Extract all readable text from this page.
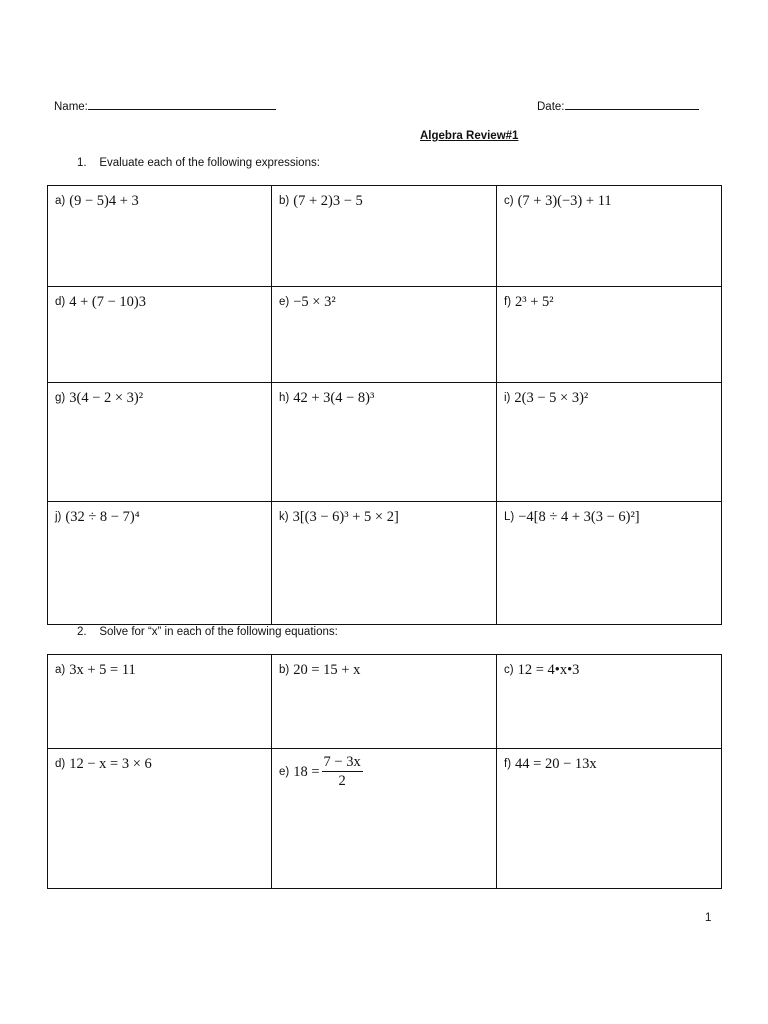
Name:	Date:
Algebra Review#1
1.    Evaluate each of the following expressions:
a) (9 − 5)4 + 3	b) (7 + 2)3 − 5	c) (7 + 3)(−3) + 11

d) 4 + (7 − 10)3	e) −5 × 3²	f) 2³ + 5²

g) 3(4 − 2 × 3)²	h) 42 + 3(4 − 8)³	i) 2(3 − 5 × 3)²

j) (32 ÷ 8 − 7)⁴	k) 3[(3 − 6)³ + 5 × 2]	L) −4[8 ÷ 4 + 3(3 − 6)²]
2.    Solve for “x” in each of the following equations:
a) 3x + 5 = 11	b) 20 = 15 + x	c) 12 = 4•x•3

d) 12 − x = 3 × 6	e) $18 = \frac{7 - 3x}{2}$	f) 44 = 20 − 13x
1
